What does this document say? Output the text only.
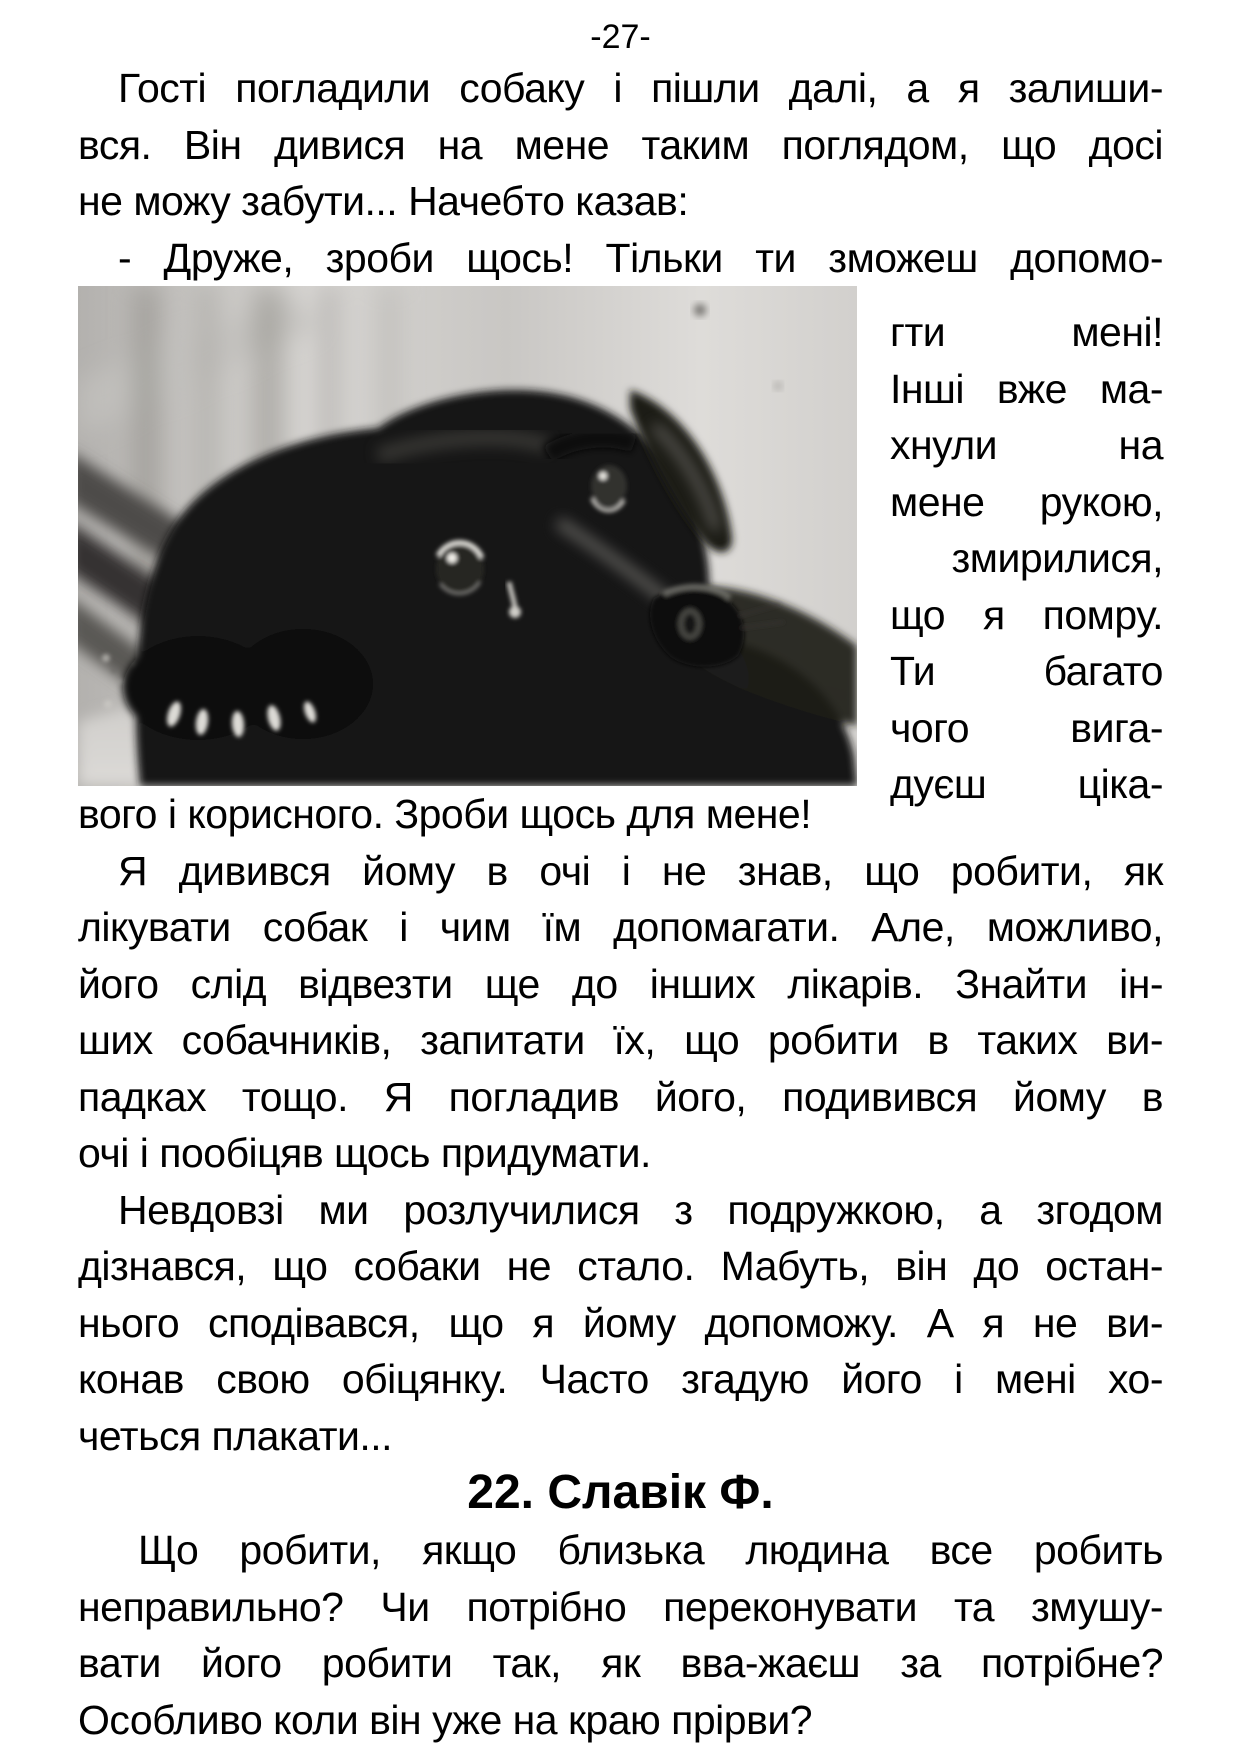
-27-
Гості погладили собаку і пішли далі, а я залиши-
вся. Він дивися на мене таким поглядом, що досі
не можу забути... Начебто казав:
- Друже, зроби щось! Тільки ти зможеш допомо-
гти мені!
Інші вже ма-
хнули на
мене рукою,
змирилися,
що я помру.
Ти багато
чого вига-
дуєш ціка-
вого і корисного. Зроби щось для мене!
Я дивився йому в очі і не знав, що робити, як
лікувати собак і чим їм допомагати. Але, можливо,
його слід відвезти ще до інших лікарів. Знайти ін-
ших собачників, запитати їх, що робити в таких ви-
падках тощо. Я погладив його, подивився йому в
очі і пообіцяв щось придумати.
Невдовзі ми розлучилися з подружкою, а згодом
дізнався, що собаки не стало. Мабуть, він до остан-
нього сподівався, що я йому допоможу. А я не ви-
конав свою обіцянку. Часто згадую його і мені хо-
четься плакати...
22. Славік Ф.
Що робити, якщо близька людина все робить
неправильно? Чи потрібно переконувати та змушу-
вати його робити так, як вва-жаєш за потрібне?
Особливо коли він уже на краю прірви?
